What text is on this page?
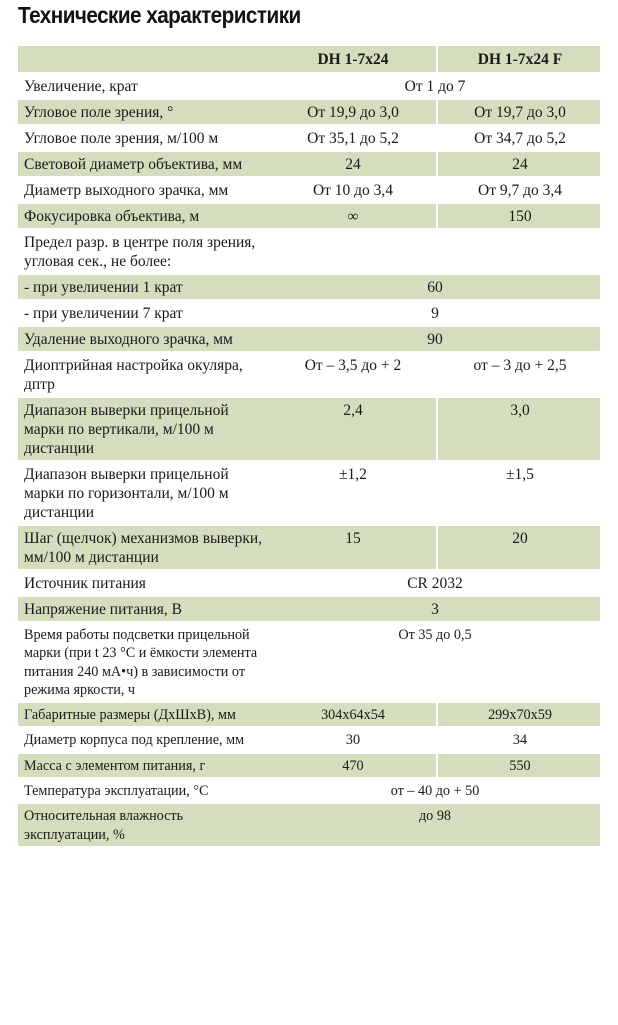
Технические характеристики
	DH 1-7x24	DH 1-7x24 F
Увеличение, крат	От 1 до 7	
Угловое поле зрения, °	От 19,9 до 3,0	От 19,7 до 3,0
Угловое поле зрения, м/100 м	От 35,1 до 5,2	От 34,7 до 5,2
Световой диаметр объектива, мм	24	24
Диаметр выходного зрачка, мм	От 10 до 3,4	От 9,7 до 3,4
Фокусировка объектива, м	∞	150
Предел разр. в центре поля зрения, угловая сек., не более:		
- при увеличении 1 крат	60	
- при увеличении 7 крат	9	
Удаление выходного зрачка, мм	90	
Диоптрийная настройка окуляра, дптр	От – 3,5 до + 2	от – 3 до + 2,5
Диапазон выверки прицельной марки по вертикали, м/100 м дистанции	2,4	3,0
Диапазон выверки прицельной марки по горизонтали, м/100 м дистанции	±1,2	±1,5
Шаг (щелчок) механизмов выверки, мм/100 м дистанции	15	20
Источник питания	CR 2032	
Напряжение питания, В	3	
Время работы подсветки прицельной марки (при t 23 °C и ёмкости элемента питания 240 мА•ч) в зависимости от режима яркости, ч	От 35 до 0,5	
Габаритные размеры (ДхШхВ), мм	304x64x54	299x70x59
Диаметр корпуса под крепление, мм	30	34
Масса с элементом питания, г	470	550
Температура эксплуатации, °C	от – 40 до + 50	
Относительная влажность эксплуатации, %	до 98	
